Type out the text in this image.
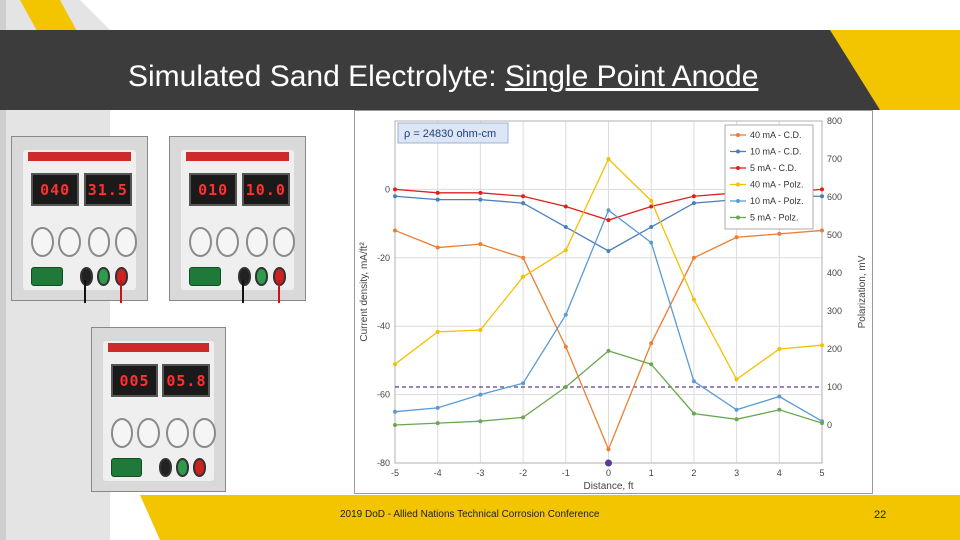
Simulated Sand Electrolyte: Single Point Anode
040	31.5	010	10.0
005	05.8
-5	-4	-3	-2	-1	0	1	2	3	4	5
0
-20
-40
-60
-80
800
700
600
500
400
300
200
100
0
Distance, ft
Current density, mA/ft²	Polarization, mV
ρ = 24830 ohm-cm	40 mA - C.D.
10 mA - C.D.
5 mA - C.D.
40 mA - Polz.
10 mA - Polz.
5 mA - Polz.
2019 DoD - Allied Nations Technical Corrosion Conference	22
